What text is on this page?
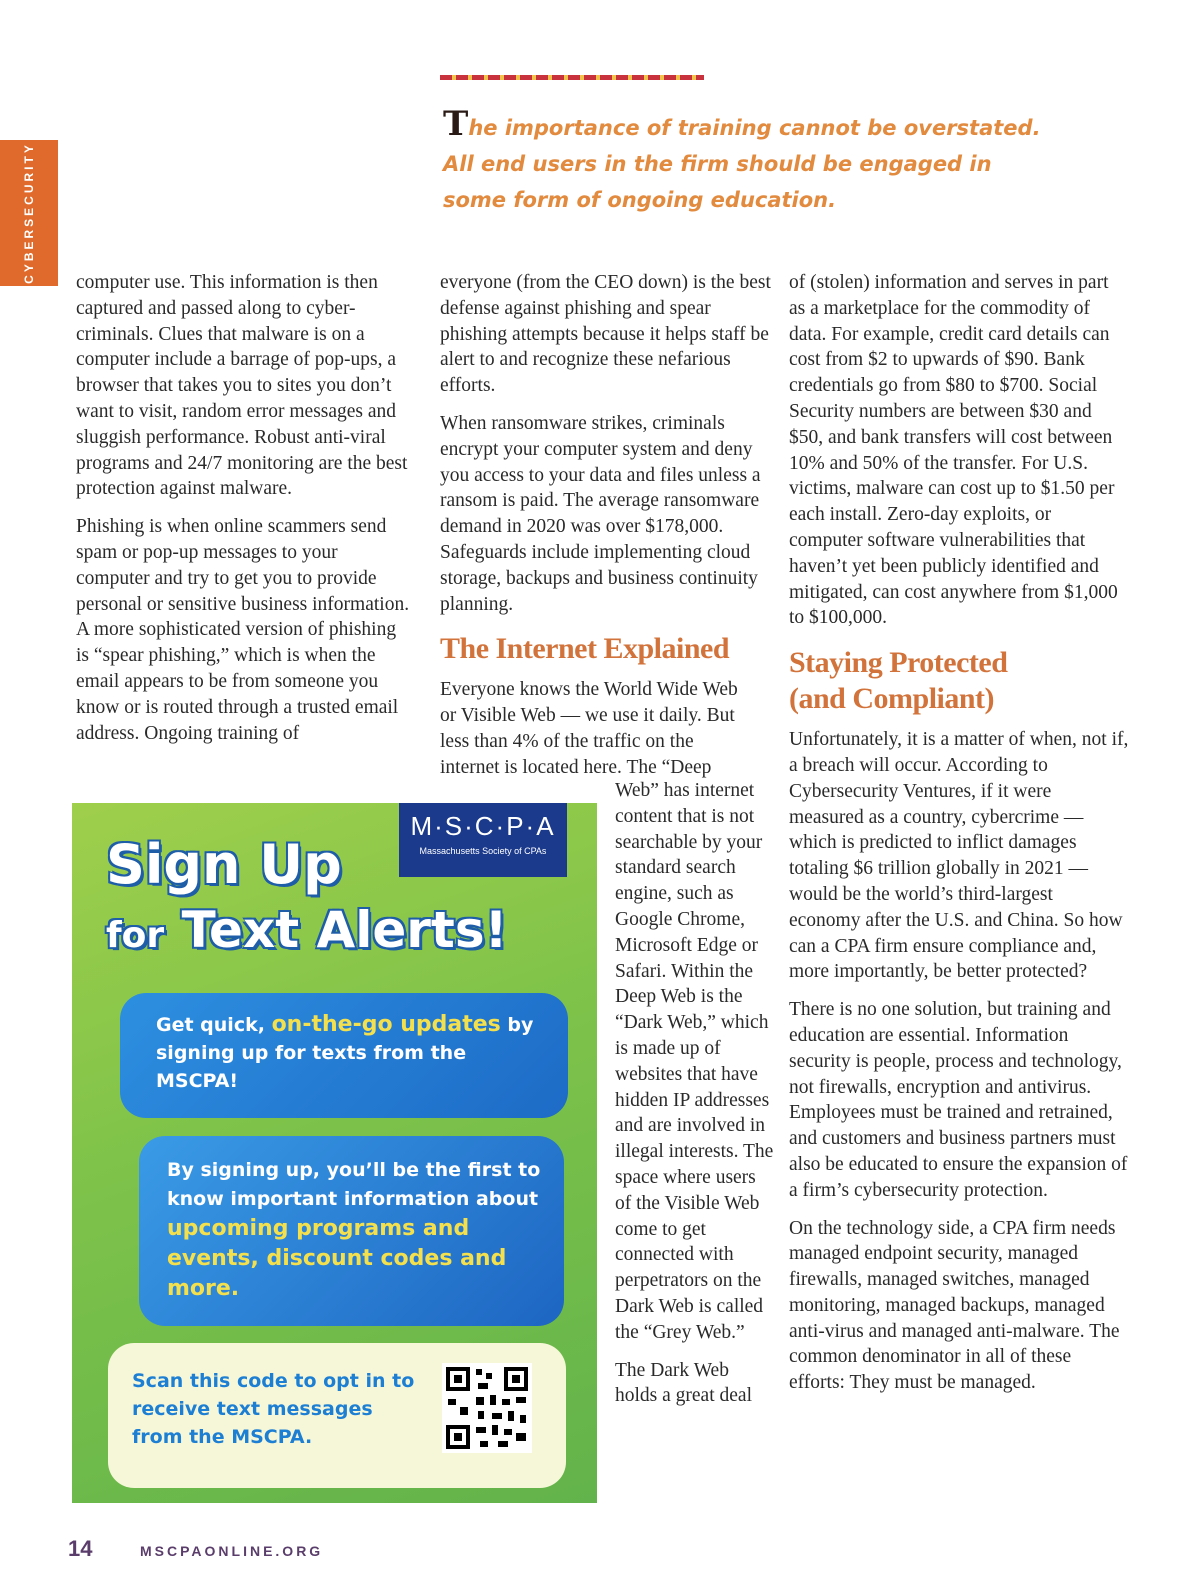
CYBERSECURITY
The importance of training cannot be overstated. All end users in the firm should be engaged in some form of ongoing education.

computer use. This information is then captured and passed along to cyber-criminals. Clues that malware is on a computer include a barrage of pop-ups, a browser that takes you to sites you don’t want to visit, random error messages and sluggish performance. Robust anti-viral programs and 24/7 monitoring are the best protection against malware.

Phishing is when online scammers send spam or pop-up messages to your computer and try to get you to provide personal or sensitive business information. A more sophisticated version of phishing is “spear phishing,” which is when the email appears to be from someone you know or is routed through a trusted email address. Ongoing training of

everyone (from the CEO down) is the best defense against phishing and spear phishing attempts because it helps staff be alert to and recognize these nefarious efforts.

When ransomware strikes, criminals encrypt your computer system and deny you access to your data and files unless a ransom is paid. The average ransomware demand in 2020 was over $178,000. Safeguards include implementing cloud storage, backups and business continuity planning.

The Internet Explained

Everyone knows the World Wide Web or Visible Web — we use it daily. But less than 4% of the traffic on the internet is located here. The “Deep

Web” has internet content that is not searchable by your standard search engine, such as Google Chrome, Microsoft Edge or Safari. Within the Deep Web is the “Dark Web,” which is made up of websites that have hidden IP addresses and are involved in illegal interests. The space where users of the Visible Web come to get connected with perpetrators on the Dark Web is called the “Grey Web.”

The Dark Web holds a great deal

of (stolen) information and serves in part as a marketplace for the commodity of data. For example, credit card details can cost from $2 to upwards of $90. Bank credentials go from $80 to $700. Social Security numbers are between $30 and $50, and bank transfers will cost between 10% and 50% of the transfer. For U.S. victims, malware can cost up to $1.50 per each install. Zero-day exploits, or computer software vulnerabilities that haven’t yet been publicly identified and mitigated, can cost anywhere from $1,000 to $100,000.

Staying Protected (and Compliant)

Unfortunately, it is a matter of when, not if, a breach will occur. According to Cybersecurity Ventures, if it were measured as a country, cybercrime — which is predicted to inflict damages totaling $6 trillion globally in 2021 — would be the world’s third-largest economy after the U.S. and China. So how can a CPA firm ensure compliance and, more importantly, be better protected?

There is no one solution, but training and education are essential. Information security is people, process and technology, not firewalls, encryption and antivirus. Employees must be trained and retrained, and customers and business partners must also be educated to ensure the expansion of a firm’s cybersecurity protection.

On the technology side, a CPA firm needs managed endpoint security, managed firewalls, managed switches, managed monitoring, managed backups, managed anti-virus and managed anti-malware. The common denominator in all of these efforts: They must be managed.

M·S·C·P·A
Massachusetts Society of CPAs
Sign Up
for Text Alerts!
Get quick, on-the-go updates by signing up for texts from the MSCPA!
By signing up, you’ll be the first to know important information about upcoming programs and events, discount codes and more.
Scan this code to opt in to receive text messages from the MSCPA.
14	MSCPAONLINE.ORG
